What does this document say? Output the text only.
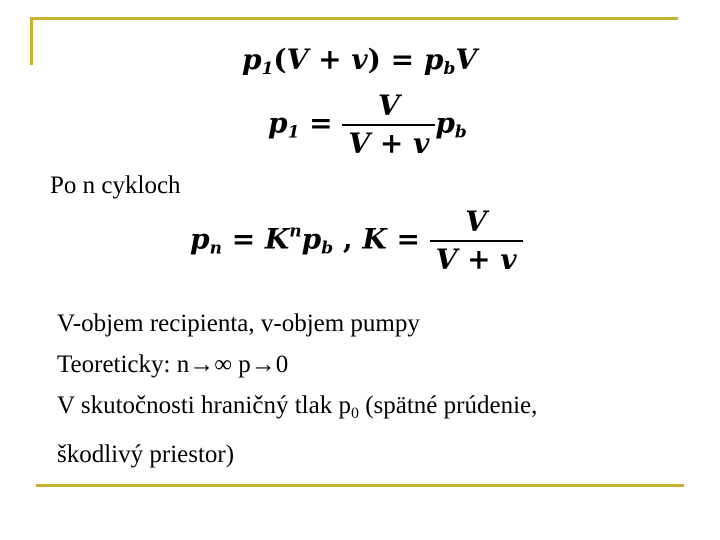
$p_1(V + v) = p_bV$
$p_1 = \frac{V}{V + v} p_b$
Po n cykloch
$p_n = K^np_b$ , $K = \frac{V}{V + v}$
V-objem recipienta, v-objem pumpy
Teoreticky: n→∞ p→0
V skutočnosti hraničný tlak $p_0$ (spätné prúdenie,
škodlivý priestor)
